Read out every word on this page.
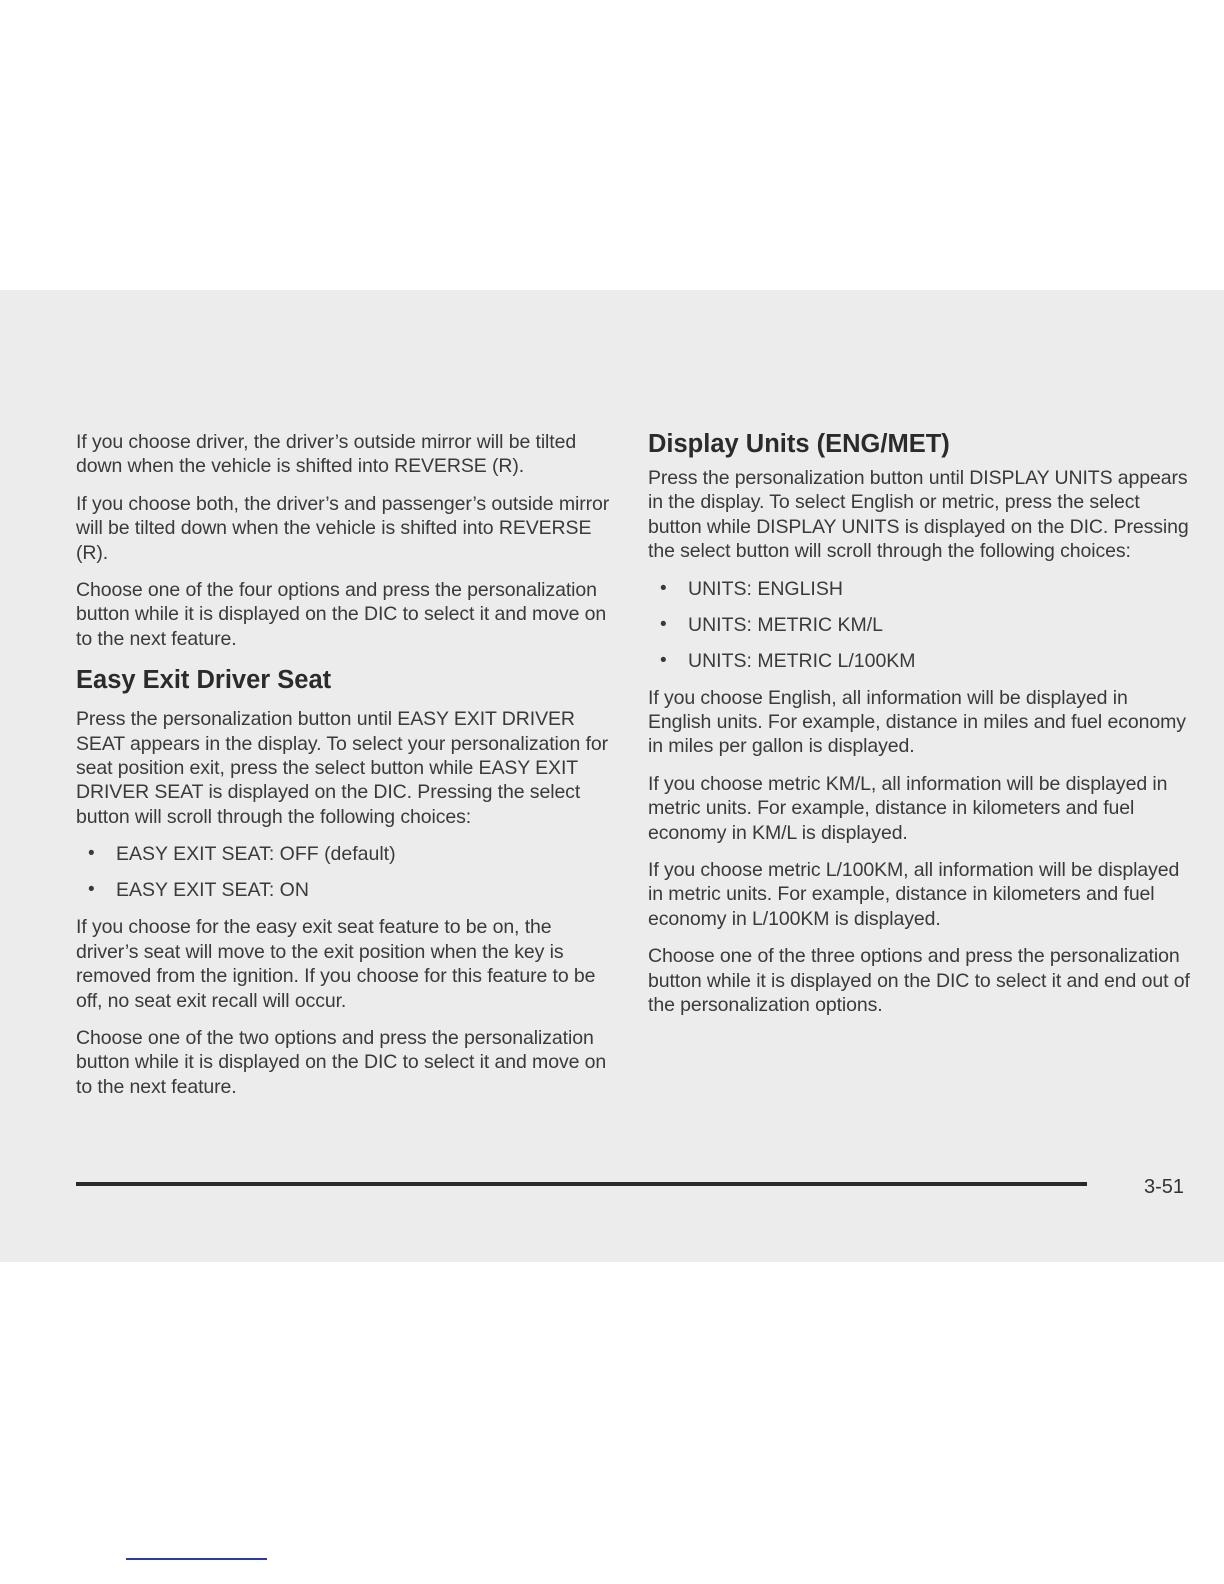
If you choose driver, the driver’s outside mirror will be tilted down when the vehicle is shifted into REVERSE (R).

If you choose both, the driver’s and passenger’s outside mirror will be tilted down when the vehicle is shifted into REVERSE (R).

Choose one of the four options and press the personalization button while it is displayed on the DIC to select it and move on to the next feature.

Easy Exit Driver Seat

Press the personalization button until EASY EXIT DRIVER SEAT appears in the display. To select your personalization for seat position exit, press the select button while EASY EXIT DRIVER SEAT is displayed on the DIC. Pressing the select button will scroll through the following choices:

• EASY EXIT SEAT: OFF (default)
• EASY EXIT SEAT: ON

If you choose for the easy exit seat feature to be on, the driver’s seat will move to the exit position when the key is removed from the ignition. If you choose for this feature to be off, no seat exit recall will occur.

Choose one of the two options and press the personalization button while it is displayed on the DIC to select it and move on to the next feature.

Display Units (ENG/MET)

Press the personalization button until DISPLAY UNITS appears in the display. To select English or metric, press the select button while DISPLAY UNITS is displayed on the DIC. Pressing the select button will scroll through the following choices:

• UNITS: ENGLISH
• UNITS: METRIC KM/L
• UNITS: METRIC L/100KM

If you choose English, all information will be displayed in English units. For example, distance in miles and fuel economy in miles per gallon is displayed.

If you choose metric KM/L, all information will be displayed in metric units. For example, distance in kilometers and fuel economy in KM/L is displayed.

If you choose metric L/100KM, all information will be displayed in metric units. For example, distance in kilometers and fuel economy in L/100KM is displayed.

Choose one of the three options and press the personalization button while it is displayed on the DIC to select it and end out of the personalization options.

3-51
